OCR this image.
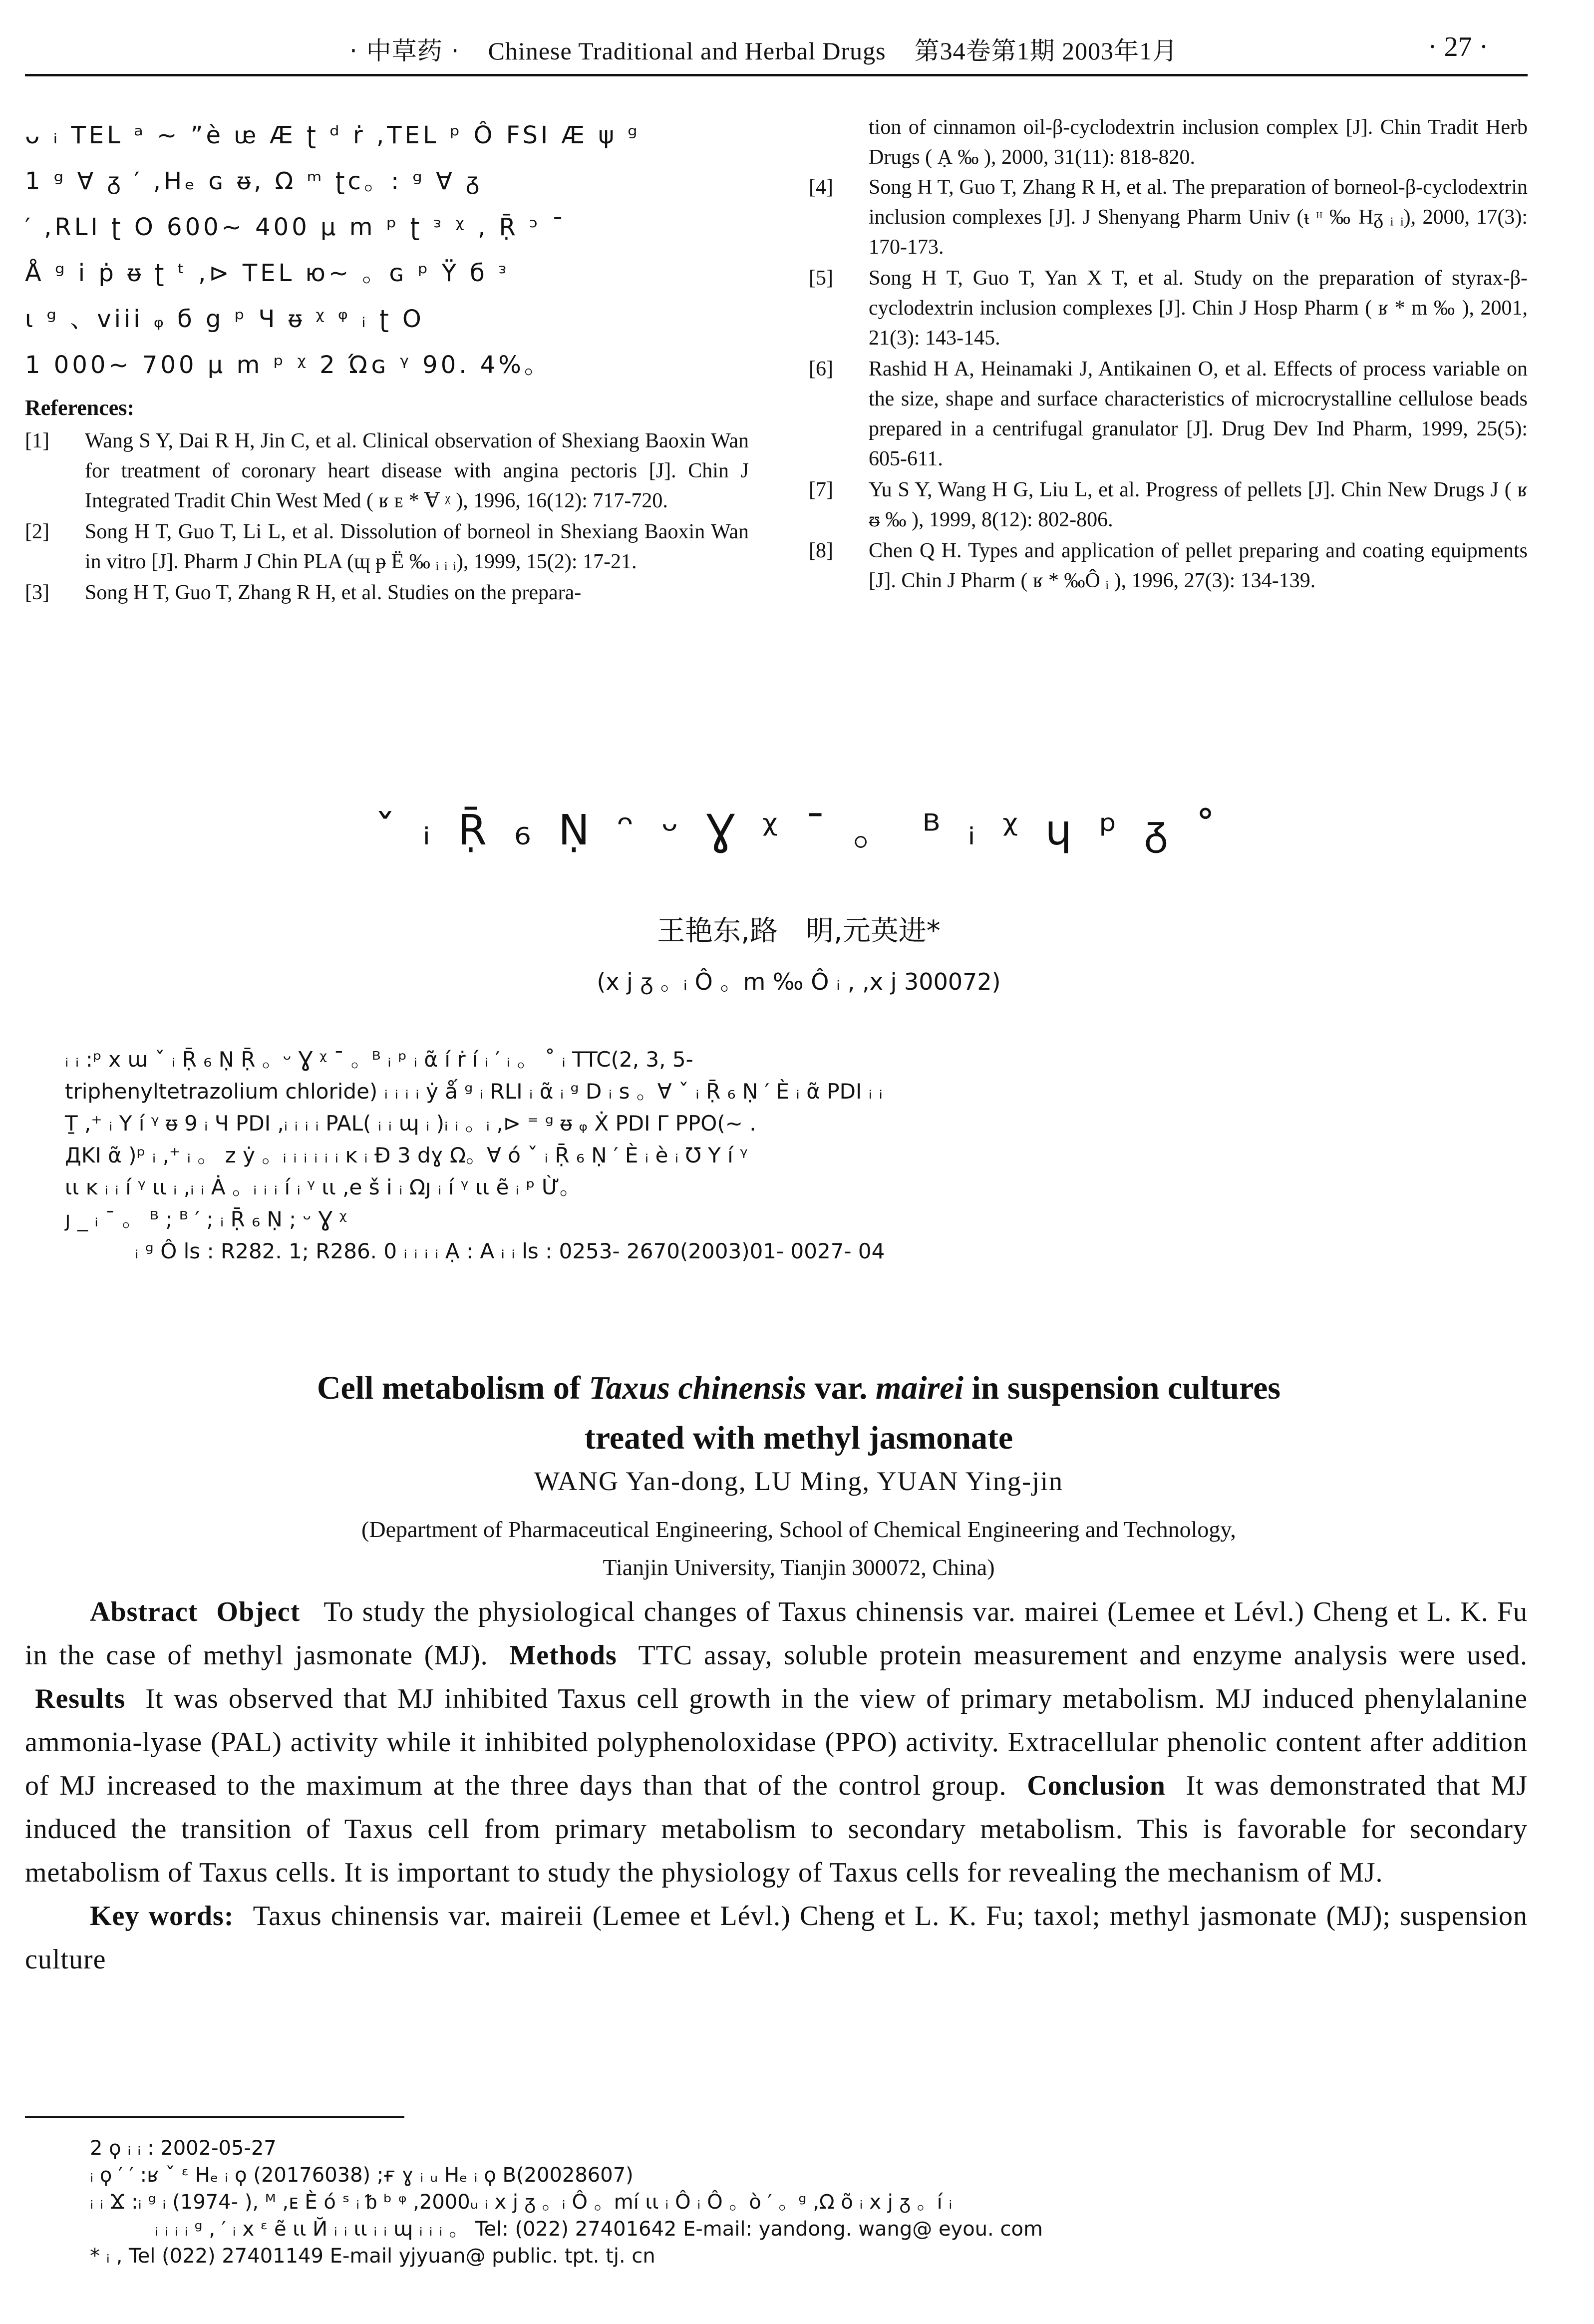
· 中草药 · Chinese Traditional and Herbal Drugs 第34卷第1期 2003年1月	· 27 ·
ᴗ ᵢ TEL ᵃ ~ ”è ᵫ Æ ʈ ᵈ ṙ ,TEL ᵖ Ô FSI Æ ψ ᵍ
1 ᵍ Ɐ ᵹ ′ ,Hₑ ɢ ᵿ, Ω ᵐ ʈc。: ᵍ Ɐ ᵹ
′ ,RLI ʈ O 600~ 400 µ m ᵖ ʈ ᵌ ᵡ , Ṝ ᵓ ¯
Å ᵍ i ṗ ᵿ ʈ ᵗ ,⊳ TEL ю~ 。ɢ ᵖ Ÿ б ᵌ
ι ᵍ 、viii ᵩ б g ᵖ Ч ᵿ ᵡ ᵠ ᵢ ʈ O
1 000~ 700 µ m ᵖ ᵡ 2 Ώɢ ᵞ 90. 4%。
References:
[1] Wang S Y, Dai R H, Jin C, et al. Clinical observation of Shexiang Baoxin Wan for treatment of coronary heart disease with angina pectoris [J]. Chin J Integrated Tradit Chin West Med ( ʁ ᴇ * Ɐ ᵡ ), 1996, 16(12): 717-720.
[2] Song H T, Guo T, Li L, et al. Dissolution of borneol in Shexiang Baoxin Wan in vitro [J]. Pharm J Chin PLA (ɰ ᵽ Ë ‰ ᵢ ᵢ ᵢ), 1999, 15(2): 17-21.
[3] Song H T, Guo T, Zhang R H, et al. Studies on the prepara-

tion of cinnamon oil-β-cyclodextrin inclusion complex [J]. Chin Tradit Herb Drugs ( Ạ ‰ ), 2000, 31(11): 818-820.

[4] Song H T, Guo T, Zhang R H, et al. The preparation of borneol-β-cyclodextrin inclusion complexes [J]. J Shenyang Pharm Univ (ᵼ ᵸ ‰ Hᵹ ᵢ ᵢ), 2000, 17(3): 170-173.
[5] Song H T, Guo T, Yan X T, et al. Study on the preparation of styrax-β-cyclodextrin inclusion complexes [J]. Chin J Hosp Pharm ( ʁ * m ‰ ), 2001, 21(3): 143-145.
[6] Rashid H A, Heinamaki J, Antikainen O, et al. Effects of process variable on the size, shape and surface characteristics of microcrystalline cellulose beads prepared in a centrifugal granulator [J]. Drug Dev Ind Pharm, 1999, 25(5): 605-611.
[7] Yu S Y, Wang H G, Liu L, et al. Progress of pellets [J]. Chin New Drugs J ( ʁ ᵿ ‰ ), 1999, 8(12): 802-806.
[8] Chen Q H. Types and application of pellet preparing and coating equipments [J]. Chin J Pharm ( ʁ * ‰Ô ᵢ ), 1996, 27(3): 134-139.
ˇ ᵢ Ṝ ₆ Ṇ ᵔ ᵕ Ɣ ᵡ ¯ 。 ᴮ ᵢ ᵡ ɥ ᵖ ᵹ ˚
王艳东,路　明,元英进*
(x j ᵹ 。ᵢ Ô 。m ‰ Ô ᵢ , ,x j 300072)
ᵢ ᵢ :ᵖ x ɯ ˇ ᵢ Ṝ ₆ Ṇ Ṝ 。ᵕ Ɣ ᵡ ¯ 。ᴮ ᵢ ᵖ ᵢ ᾶ í ṙ í ᵢ ′ ᵢ 。 ˚ ᵢ TTC(2, 3, 5-
triphenyltetrazolium chloride) ᵢ ᵢ ᵢ ᵢ ẏ ǻ ᵍ ᵢ RLI ᵢ ᾶ ᵢ ᵍ D ᵢ s 。Ɐ ˇ ᵢ Ṝ ₆ Ṇ ′ È ᵢ ᾶ PDI ᵢ ᵢ
Ṯ ,⁺ ᵢ Y í ᵞ ᵿ 9 ᵢ Ч PDI ,ᵢ ᵢ ᵢ ᵢ PAL( ᵢ ᵢ ɰ ᵢ )ᵢ ᵢ 。ᵢ ,⊳ ⁼ ᵍ ᵿ ᵩ Ẋ PDI Γ PPO(~ .
ДKI ᾶ )ᵖ ᵢ ,⁺ ᵢ 。 z ẏ 。ᵢ ᵢ ᵢ ᵢ ᵢ ᵢ ᴋ ᵢ Ð 3 dɣ Ω。Ɐ ó ˇ ᵢ Ṝ ₆ Ṇ ′ È ᵢ è ᵢ Ʊ Y í ᵞ
ɩɩ ᴋ ᵢ ᵢ í ᵞ ɩɩ ᵢ ,ᵢ ᵢ Ȧ 。ᵢ ᵢ ᵢ í ᵢ ᵞ ɩɩ ,e š i ᵢ Ωȷ ᵢ í ᵞ ɩɩ ẽ ᵢ ᵖ Ừ。
ȷ _ ᵢ ¯ 。 ᴮ ; ᴮ ′ ; ᵢ Ṝ ₆ Ṇ ; ᵕ Ɣ ᵡ
ᵢ ᵍ Ô ls : R282. 1; R286. 0 ᵢ ᵢ ᵢ ᵢ Ạ : A ᵢ ᵢ ls : 0253- 2670(2003)01- 0027- 04
Cell metabolism of Taxus chinensis var. mairei in suspension cultures
treated with methyl jasmonate
WANG Yan-dong, LU Ming, YUAN Ying-jin
(Department of Pharmaceutical Engineering, School of Chemical Engineering and Technology,
Tianjin University, Tianjin 300072, China)

Abstract Object To study the physiological changes of Taxus chinensis var. mairei (Lemee et Lévl.) Cheng et L. K. Fu in the case of methyl jasmonate (MJ). Methods TTC assay, soluble protein measurement and enzyme analysis were used. Results It was observed that MJ inhibited Taxus cell growth in the view of primary metabolism. MJ induced phenylalanine ammonia-lyase (PAL) activity while it inhibited polyphenoloxidase (PPO) activity. Extracellular phenolic content after addition of MJ increased to the maximum at the three days than that of the control group. Conclusion It was demonstrated that MJ induced the transition of Taxus cell from primary metabolism to secondary metabolism. This is favorable for secondary metabolism of Taxus cells. It is important to study the physiology of Taxus cells for revealing the mechanism of MJ.

Key words: Taxus chinensis var. maireii (Lemee et Lévl.) Cheng et L. K. Fu; taxol; methyl jasmonate (MJ); suspension culture

2 ϙ ᵢ ᵢ : 2002-05-27
ᵢ ϙ ′ ′ :ʁ ˇ ᵋ Hₑ ᵢ ϙ (20176038) ;ғ ɣ ᵢ ᵤ Hₑ ᵢ ϙ B(20028607)
ᵢ ᵢ Ϫ :ᵢ ᵍ ᵢ (1974- ), ᴹ ,ᴇ È ó ˢ ᵢ ᵬ ᵇ ᵠ ,2000ᵤ ᵢ x j ᵹ 。ᵢ Ô 。mí ɩɩ ᵢ Ô ᵢ Ô 。ò ′ 。ᵍ ,Ω õ ᵢ x j ᵹ 。í ᵢ
ᵢ ᵢ ᵢ ᵢ ᵍ , ′ ᵢ x ᵋ ẽ ɩɩ Й ᵢ ᵢ ɩɩ ᵢ ᵢ ɰ ᵢ ᵢ ᵢ 。 Tel: (022) 27401642 E-mail: yandong. wang@ eyou. com
* ᵢ , Tel (022) 27401149 E-mail yjyuan@ public. tpt. tj. cn
